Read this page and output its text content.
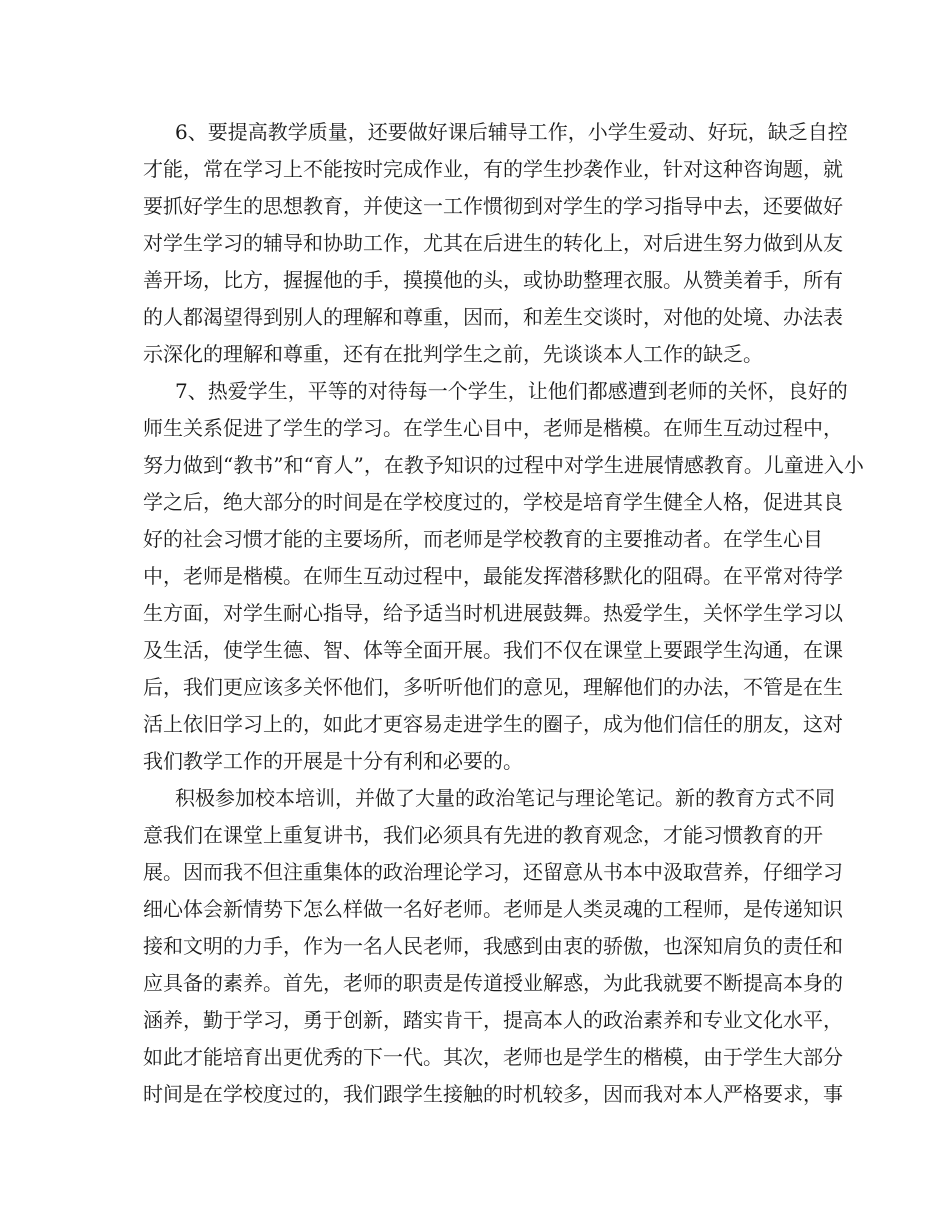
6、要提高教学质量，还要做好课后辅导工作，小学生爱动、好玩，缺乏自控
才能，常在学习上不能按时完成作业，有的学生抄袭作业，针对这种咨询题，就
要抓好学生的思想教育，并使这一工作惯彻到对学生的学习指导中去，还要做好
对学生学习的辅导和协助工作，尤其在后进生的转化上，对后进生努力做到从友
善开场，比方，握握他的手，摸摸他的头，或协助整理衣服。从赞美着手，所有
的人都渴望得到别人的理解和尊重，因而，和差生交谈时，对他的处境、办法表
示深化的理解和尊重，还有在批判学生之前，先谈谈本人工作的缺乏。
7、热爱学生，平等的对待每一个学生，让他们都感遭到老师的关怀，良好的
师生关系促进了学生的学习。在学生心目中，老师是楷模。在师生互动过程中，
努力做到“教书”和“育人”，在教予知识的过程中对学生进展情感教育。儿童进入小
学之后，绝大部分的时间是在学校度过的，学校是培育学生健全人格，促进其良
好的社会习惯才能的主要场所，而老师是学校教育的主要推动者。在学生心目
中，老师是楷模。在师生互动过程中，最能发挥潜移默化的阻碍。在平常对待学
生方面，对学生耐心指导，给予适当时机进展鼓舞。热爱学生，关怀学生学习以
及生活，使学生德、智、体等全面开展。我们不仅在课堂上要跟学生沟通，在课
后，我们更应该多关怀他们，多听听他们的意见，理解他们的办法，不管是在生
活上依旧学习上的，如此才更容易走进学生的圈子，成为他们信任的朋友，这对
我们教学工作的开展是十分有利和必要的。
积极参加校本培训，并做了大量的政治笔记与理论笔记。新的教育方式不同
意我们在课堂上重复讲书，我们必须具有先进的教育观念，才能习惯教育的开
展。因而我不但注重集体的政治理论学习，还留意从书本中汲取营养，仔细学习
细心体会新情势下怎么样做一名好老师。老师是人类灵魂的工程师，是传递知识
接和文明的力手，作为一名人民老师，我感到由衷的骄傲，也深知肩负的责任和
应具备的素养。首先，老师的职责是传道授业解惑，为此我就要不断提高本身的
涵养，勤于学习，勇于创新，踏实肯干，提高本人的政治素养和专业文化水平，
如此才能培育出更优秀的下一代。其次，老师也是学生的楷模，由于学生大部分
时间是在学校度过的，我们跟学生接触的时机较多，因而我对本人严格要求，事
